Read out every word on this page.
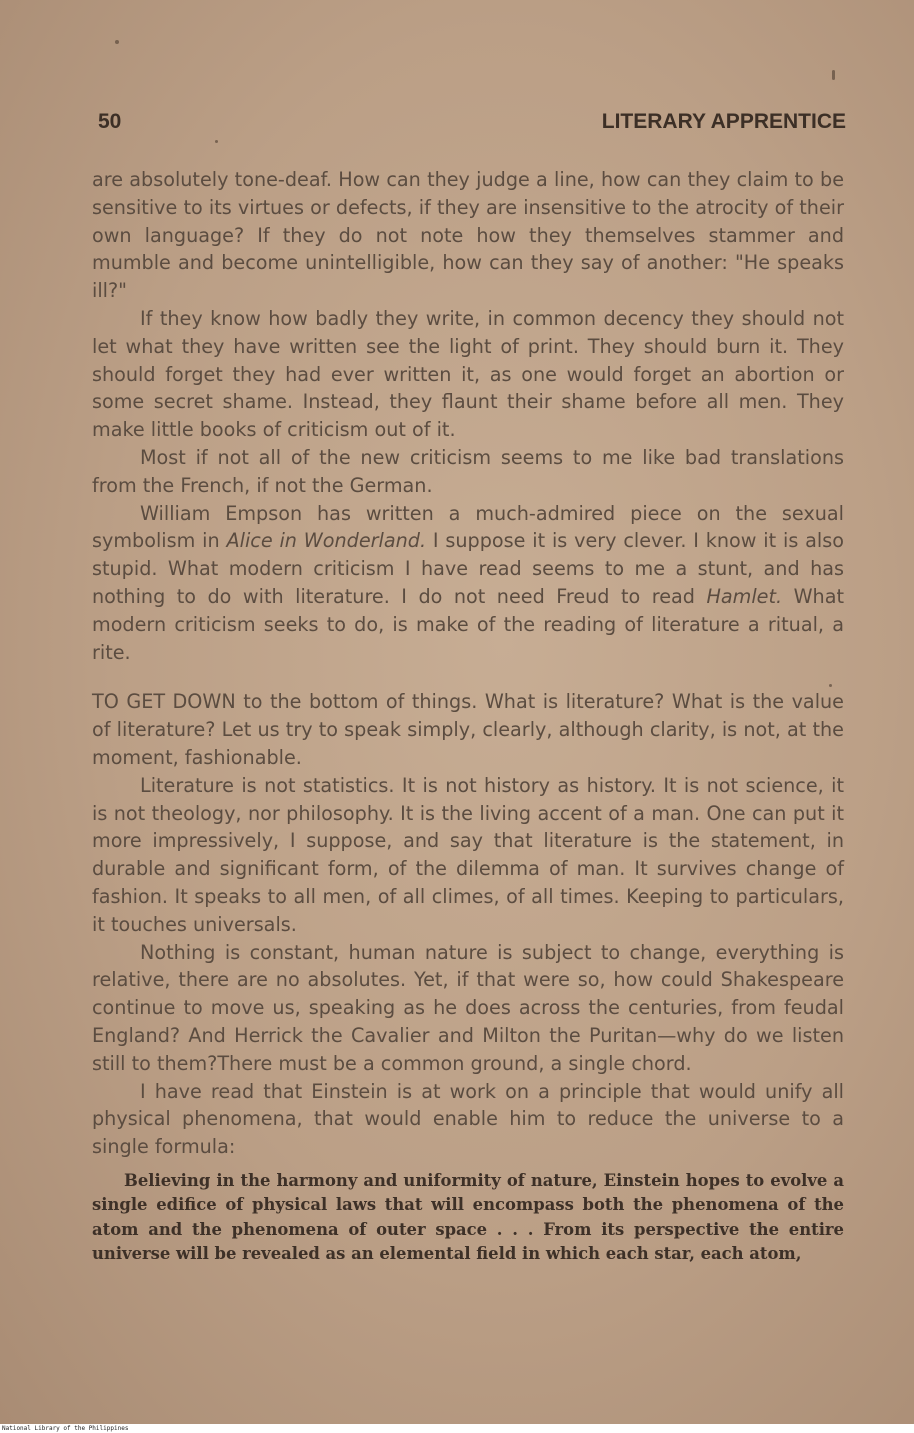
50	LITERARY APPRENTICE

are absolutely tone-deaf. How can they judge a line, how can they claim to be sensitive to its virtues or defects, if they are insensitive to the atrocity of their own language? If they do not note how they themselves stammer and mumble and become unintelligible, how can they say of another: "He speaks ill?"

If they know how badly they write, in common decency they should not let what they have written see the light of print. They should burn it. They should forget they had ever written it, as one would forget an abortion or some secret shame. Instead, they flaunt their shame before all men. They make little books of criticism out of it.

Most if not all of the new criticism seems to me like bad translations from the French, if not the German.

William Empson has written a much-admired piece on the sexual symbolism in Alice in Wonderland. I suppose it is very clever. I know it is also stupid. What modern criticism I have read seems to me a stunt, and has nothing to do with literature. I do not need Freud to read Hamlet. What modern criticism seeks to do, is make of the reading of literature a ritual, a rite.

TO GET DOWN to the bottom of things. What is literature? What is the value of literature? Let us try to speak simply, clearly, although clarity, is not, at the moment, fashionable.

Literature is not statistics. It is not history as history. It is not science, it is not theology, nor philosophy. It is the living accent of a man. One can put it more impressively, I suppose, and say that literature is the statement, in durable and significant form, of the dilemma of man. It survives change of fashion. It speaks to all men, of all climes, of all times. Keeping to particulars, it touches universals.

Nothing is constant, human nature is subject to change, everything is relative, there are no absolutes. Yet, if that were so, how could Shakespeare continue to move us, speaking as he does across the centuries, from feudal England? And Herrick the Cavalier and Milton the Puritan—why do we listen still to them?There must be a common ground, a single chord.

I have read that Einstein is at work on a principle that would unify all physical phenomena, that would enable him to reduce the universe to a single formula:

Believing in the harmony and uniformity of nature, Einstein hopes to evolve a single edifice of physical laws that will encompass both the phenomena of the atom and the phenomena of outer space . . . From its perspective the entire universe will be revealed as an elemental field in which each star, each atom,

National Library of the Philippines
